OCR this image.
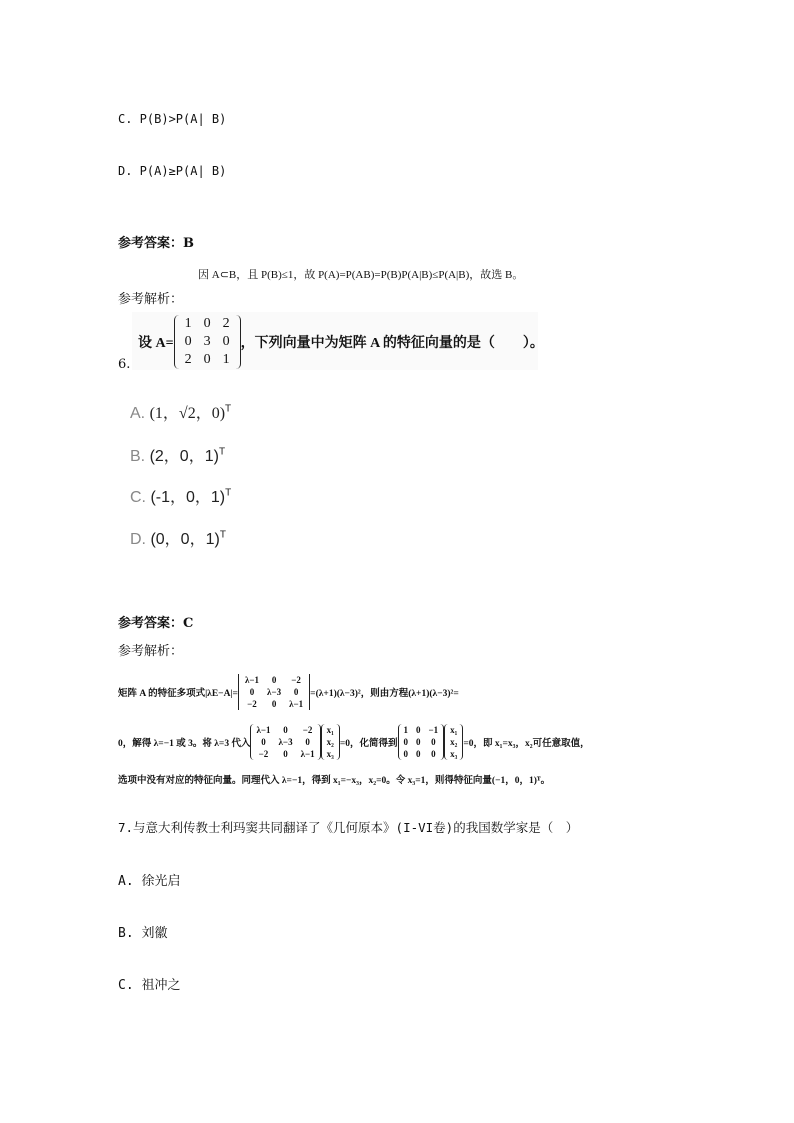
C. P(B)>P(A| B)
D. P(A)≥P(A| B)
参考答案：B
因 A⊂B，且 P(B)≤1，故 P(A)=P(AB)=P(B)P(A|B)≤P(A|B)，故选 B。
参考解析：
6.
设 A=
1	0	2
0	3	0
2	0	1
，下列向量中为矩阵 A 的特征向量的是（　　）。
A. (1，√2，0)$^T$
B. (2，0，1)$^T$
C. (-1，0，1)$^T$
D. (0，0，1)$^T$
参考答案：C
参考解析：
矩阵 A 的特征多项式|λE−A|=
λ−1	0	−2
0	λ−3	0
−2	0	λ−1
=(λ+1)(λ−3)²，则由方程(λ+1)(λ−3)²=
0，解得 λ=−1 或 3。将 λ=3 代入
λ−1	0	−2
0	λ−3	0
−2	0	λ−1
x₁
x₂
x₃
=0，化简得到
1	0	−1
0	0	0
0	0	0
x₁
x₂
x₃
=0，即 x₁=x₃，x₂可任意取值，
选项中没有对应的特征向量。同理代入 λ=−1，得到 x₁=−x₃，x₂=0。令 x₃=1，则得特征向量(−1，0，1)ᵀ。
7.与意大利传教士利玛窦共同翻译了《几何原本》(I-VI卷)的我国数学家是（　）
A. 徐光启
B. 刘徽
C. 祖冲之
